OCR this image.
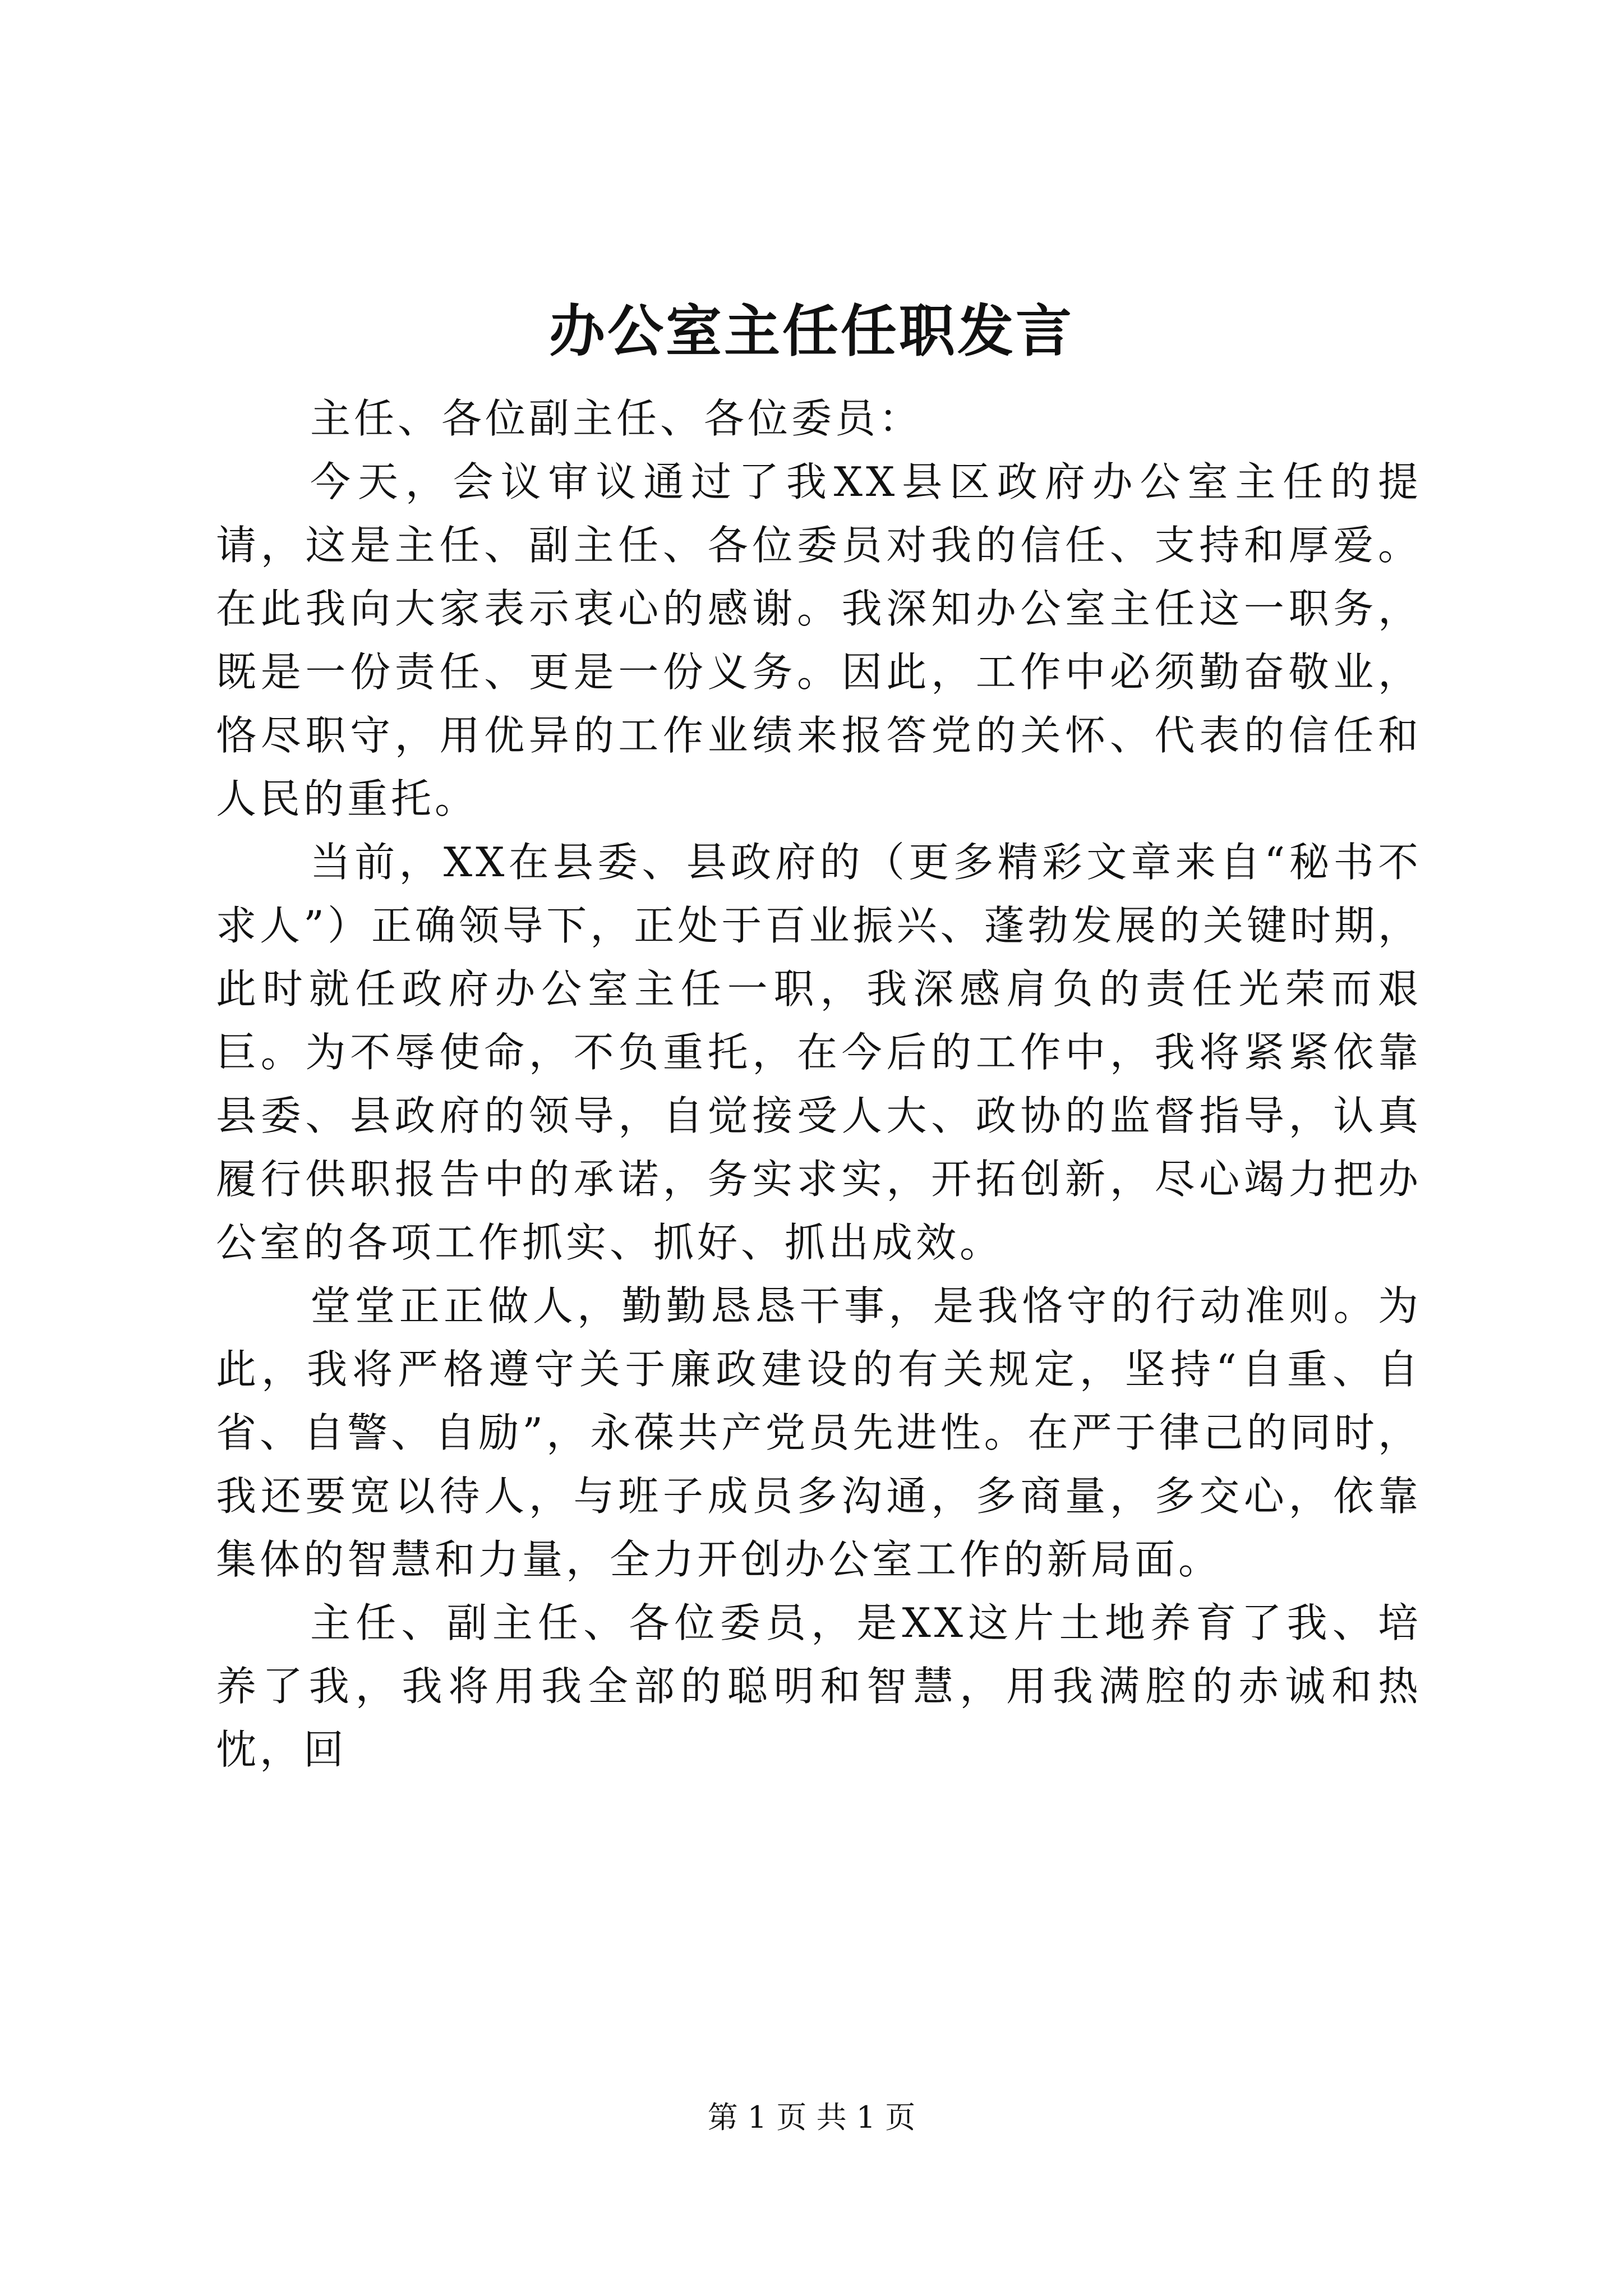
办公室主任任职发言

主任、各位副主任、各位委员：

今天，会议审议通过了我XX县区政府办公室主任的提请，这是主任、副主任、各位委员对我的信任、支持和厚爱。在此我向大家表示衷心的感谢。我深知办公室主任这一职务，既是一份责任、更是一份义务。因此，工作中必须勤奋敬业，恪尽职守，用优异的工作业绩来报答党的关怀、代表的信任和人民的重托。

当前，XX在县委、县政府的（更多精彩文章来自“秘书不求人”）正确领导下，正处于百业振兴、蓬勃发展的关键时期，此时就任政府办公室主任一职，我深感肩负的责任光荣而艰巨。为不辱使命，不负重托，在今后的工作中，我将紧紧依靠县委、县政府的领导，自觉接受人大、政协的监督指导，认真履行供职报告中的承诺，务实求实，开拓创新，尽心竭力把办公室的各项工作抓实、抓好、抓出成效。

堂堂正正做人，勤勤恳恳干事，是我恪守的行动准则。为此，我将严格遵守关于廉政建设的有关规定，坚持“自重、自省、自警、自励”，永葆共产党员先进性。在严于律己的同时，我还要宽以待人，与班子成员多沟通，多商量，多交心，依靠集体的智慧和力量，全力开创办公室工作的新局面。

主任、副主任、各位委员，是XX这片土地养育了我、培养了我，我将用我全部的聪明和智慧，用我满腔的赤诚和热忱，回

第 1 页 共 1 页
